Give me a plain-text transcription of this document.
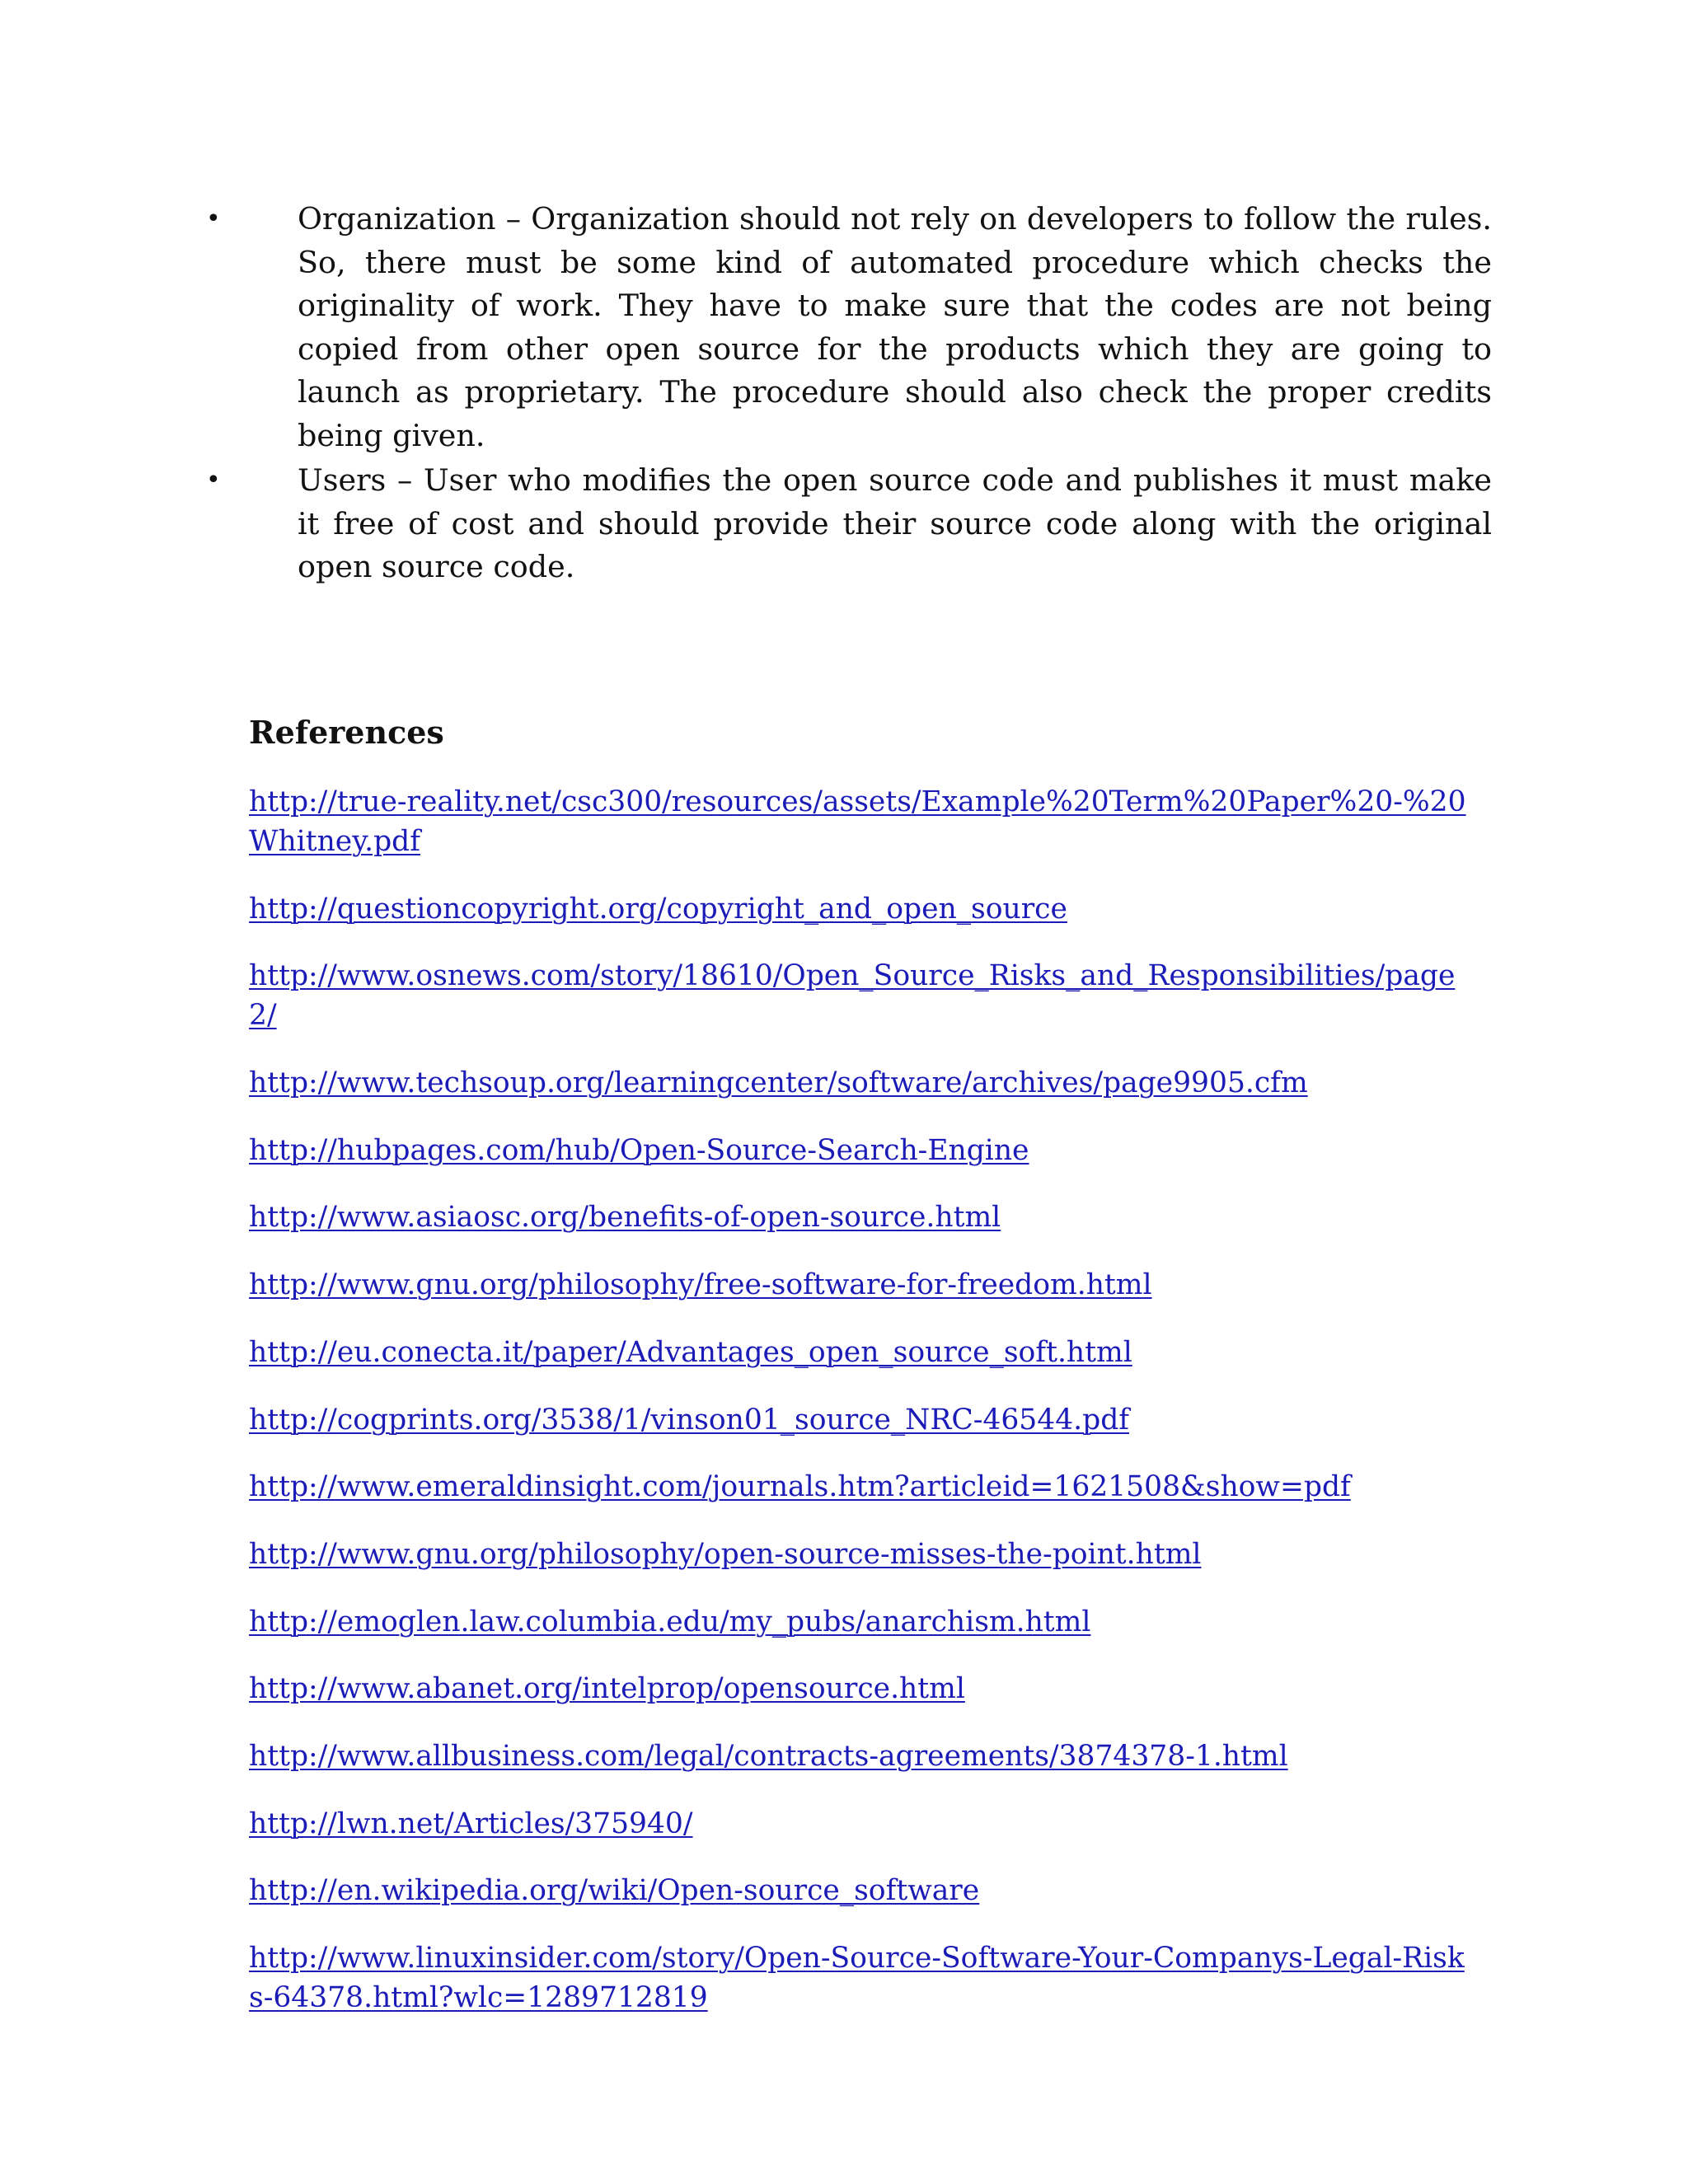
•	Organization – Organization should not rely on developers to follow the rules. So, there must be some kind of automated procedure which checks the originality of work. They have to make sure that the codes are not being copied from other open source for the products which they are going to launch as proprietary. The procedure should also check the proper credits being given.
•	Users – User who modifies the open source code and publishes it must make it free of cost and should provide their source code along with the original open source code.
References
http://true-reality.net/csc300/resources/assets/Example%20Term%20Paper%20-%20Whitney.pdf
http://questioncopyright.org/copyright_and_open_source
http://www.osnews.com/story/18610/Open_Source_Risks_and_Responsibilities/page2/
http://www.techsoup.org/learningcenter/software/archives/page9905.cfm
http://hubpages.com/hub/Open-Source-Search-Engine
http://www.asiaosc.org/benefits-of-open-source.html
http://www.gnu.org/philosophy/free-software-for-freedom.html
http://eu.conecta.it/paper/Advantages_open_source_soft.html
http://cogprints.org/3538/1/vinson01_source_NRC-46544.pdf
http://www.emeraldinsight.com/journals.htm?articleid=1621508&show=pdf
http://www.gnu.org/philosophy/open-source-misses-the-point.html
http://emoglen.law.columbia.edu/my_pubs/anarchism.html
http://www.abanet.org/intelprop/opensource.html
http://www.allbusiness.com/legal/contracts-agreements/3874378-1.html
http://lwn.net/Articles/375940/
http://en.wikipedia.org/wiki/Open-source_software
http://www.linuxinsider.com/story/Open-Source-Software-Your-Companys-Legal-Risks-64378.html?wlc=1289712819
